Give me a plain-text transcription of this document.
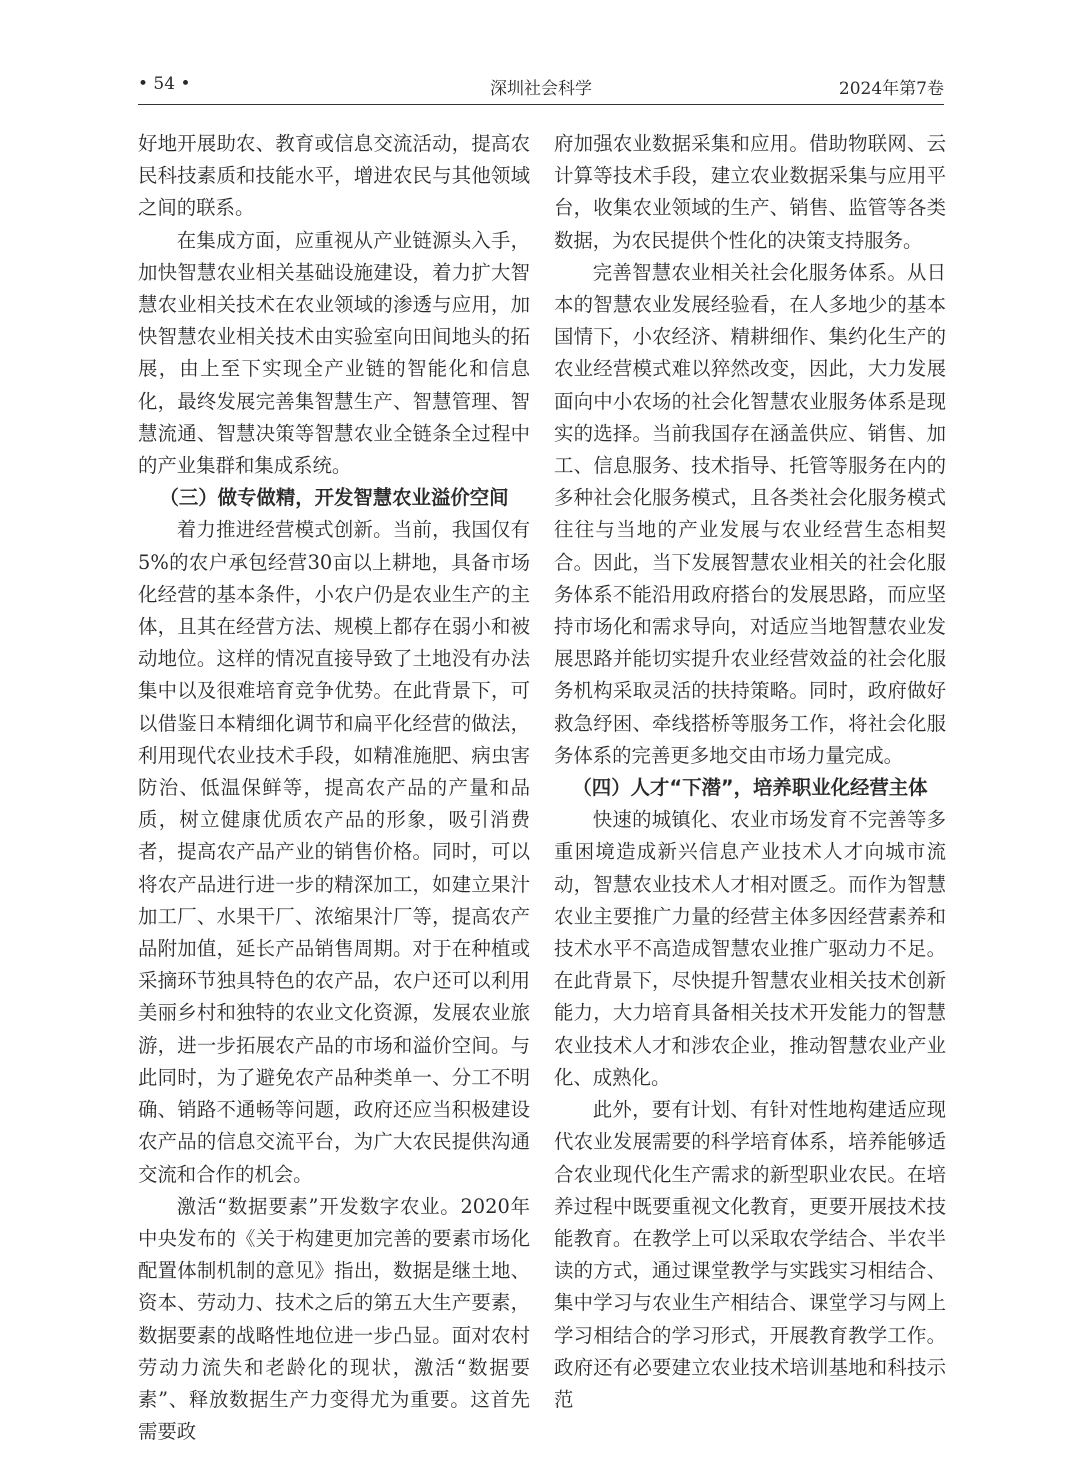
• 54 •	深圳社会科学	2024年第7卷

好地开展助农、教育或信息交流活动，提高农民科技素质和技能水平，增进农民与其他领域之间的联系。

在集成方面，应重视从产业链源头入手，加快智慧农业相关基础设施建设，着力扩大智慧农业相关技术在农业领域的渗透与应用，加快智慧农业相关技术由实验室向田间地头的拓展，由上至下实现全产业链的智能化和信息化，最终发展完善集智慧生产、智慧管理、智慧流通、智慧决策等智慧农业全链条全过程中的产业集群和集成系统。

（三）做专做精，开发智慧农业溢价空间

着力推进经营模式创新。当前，我国仅有5%的农户承包经营30亩以上耕地，具备市场化经营的基本条件，小农户仍是农业生产的主体，且其在经营方法、规模上都存在弱小和被动地位。这样的情况直接导致了土地没有办法集中以及很难培育竞争优势。在此背景下，可以借鉴日本精细化调节和扁平化经营的做法，利用现代农业技术手段，如精准施肥、病虫害防治、低温保鲜等，提高农产品的产量和品质，树立健康优质农产品的形象，吸引消费者，提高农产品产业的销售价格。同时，可以将农产品进行进一步的精深加工，如建立果汁加工厂、水果干厂、浓缩果汁厂等，提高农产品附加值，延长产品销售周期。对于在种植或采摘环节独具特色的农产品，农户还可以利用美丽乡村和独特的农业文化资源，发展农业旅游，进一步拓展农产品的市场和溢价空间。与此同时，为了避免农产品种类单一、分工不明确、销路不通畅等问题，政府还应当积极建设农产品的信息交流平台，为广大农民提供沟通交流和合作的机会。

激活“数据要素”开发数字农业。2020年中央发布的《关于构建更加完善的要素市场化配置体制机制的意见》指出，数据是继土地、资本、劳动力、技术之后的第五大生产要素，数据要素的战略性地位进一步凸显。面对农村劳动力流失和老龄化的现状，激活“数据要素”、释放数据生产力变得尤为重要。这首先需要政

府加强农业数据采集和应用。借助物联网、云计算等技术手段，建立农业数据采集与应用平台，收集农业领域的生产、销售、监管等各类数据，为农民提供个性化的决策支持服务。

完善智慧农业相关社会化服务体系。从日本的智慧农业发展经验看，在人多地少的基本国情下，小农经济、精耕细作、集约化生产的农业经营模式难以猝然改变，因此，大力发展面向中小农场的社会化智慧农业服务体系是现实的选择。当前我国存在涵盖供应、销售、加工、信息服务、技术指导、托管等服务在内的多种社会化服务模式，且各类社会化服务模式往往与当地的产业发展与农业经营生态相契合。因此，当下发展智慧农业相关的社会化服务体系不能沿用政府搭台的发展思路，而应坚持市场化和需求导向，对适应当地智慧农业发展思路并能切实提升农业经营效益的社会化服务机构采取灵活的扶持策略。同时，政府做好救急纾困、牵线搭桥等服务工作，将社会化服务体系的完善更多地交由市场力量完成。

（四）人才“下潜”，培养职业化经营主体

快速的城镇化、农业市场发育不完善等多重困境造成新兴信息产业技术人才向城市流动，智慧农业技术人才相对匮乏。而作为智慧农业主要推广力量的经营主体多因经营素养和技术水平不高造成智慧农业推广驱动力不足。在此背景下，尽快提升智慧农业相关技术创新能力，大力培育具备相关技术开发能力的智慧农业技术人才和涉农企业，推动智慧农业产业化、成熟化。

此外，要有计划、有针对性地构建适应现代农业发展需要的科学培育体系，培养能够适合农业现代化生产需求的新型职业农民。在培养过程中既要重视文化教育，更要开展技术技能教育。在教学上可以采取农学结合、半农半读的方式，通过课堂教学与实践实习相结合、集中学习与农业生产相结合、课堂学习与网上学习相结合的学习形式，开展教育教学工作。政府还有必要建立农业技术培训基地和科技示范
